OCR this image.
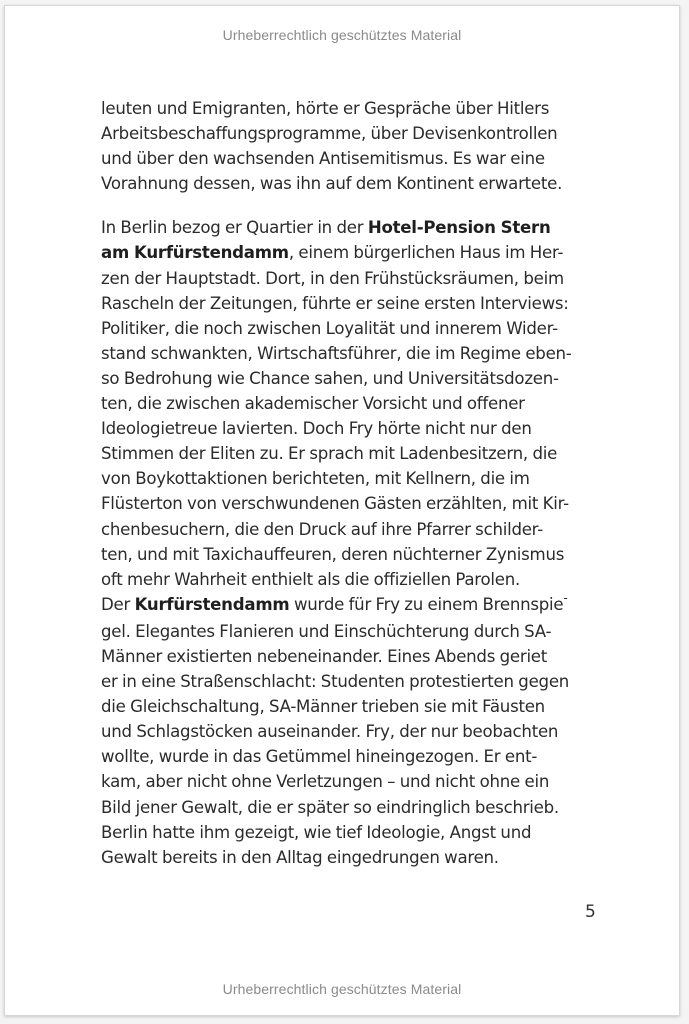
Urheberrechtlich geschütztes Material
leuten und Emigranten, hörte er Gespräche über Hitlers
Arbeitsbeschaffungsprogramme, über Devisenkontrollen
und über den wachsenden Antisemitismus. Es war eine
Vorahnung dessen, was ihn auf dem Kontinent erwartete.
In Berlin bezog er Quartier in der Hotel-Pension Stern
am Kurfürstendamm, einem bürgerlichen Haus im Her-
zen der Hauptstadt. Dort, in den Frühstücksräumen, beim
Rascheln der Zeitungen, führte er seine ersten Interviews:
Politiker, die noch zwischen Loyalität und innerem Wider-
stand schwankten, Wirtschaftsführer, die im Regime eben-
so Bedrohung wie Chance sahen, und Universitätsdozen-
ten, die zwischen akademischer Vorsicht und offener
Ideologietreue lavierten. Doch Fry hörte nicht nur den
Stimmen der Eliten zu. Er sprach mit Ladenbesitzern, die
von Boykottaktionen berichteten, mit Kellnern, die im
Flüsterton von verschwundenen Gästen erzählten, mit Kir-
chenbesuchern, die den Druck auf ihre Pfarrer schilder-
ten, und mit Taxichauffeuren, deren nüchterner Zynismus
oft mehr Wahrheit enthielt als die offiziellen Parolen.
Der Kurfürstendamm wurde für Fry zu einem Brennspie-
gel. Elegantes Flanieren und Einschüchterung durch SA-
Männer existierten nebeneinander. Eines Abends geriet
er in eine Straßenschlacht: Studenten protestierten gegen
die Gleichschaltung, SA-Männer trieben sie mit Fäusten
und Schlagstöcken auseinander. Fry, der nur beobachten
wollte, wurde in das Getümmel hineingezogen. Er ent-
kam, aber nicht ohne Verletzungen – und nicht ohne ein
Bild jener Gewalt, die er später so eindringlich beschrieb.
Berlin hatte ihm gezeigt, wie tief Ideologie, Angst und
Gewalt bereits in den Alltag eingedrungen waren.
5
Urheberrechtlich geschütztes Material
